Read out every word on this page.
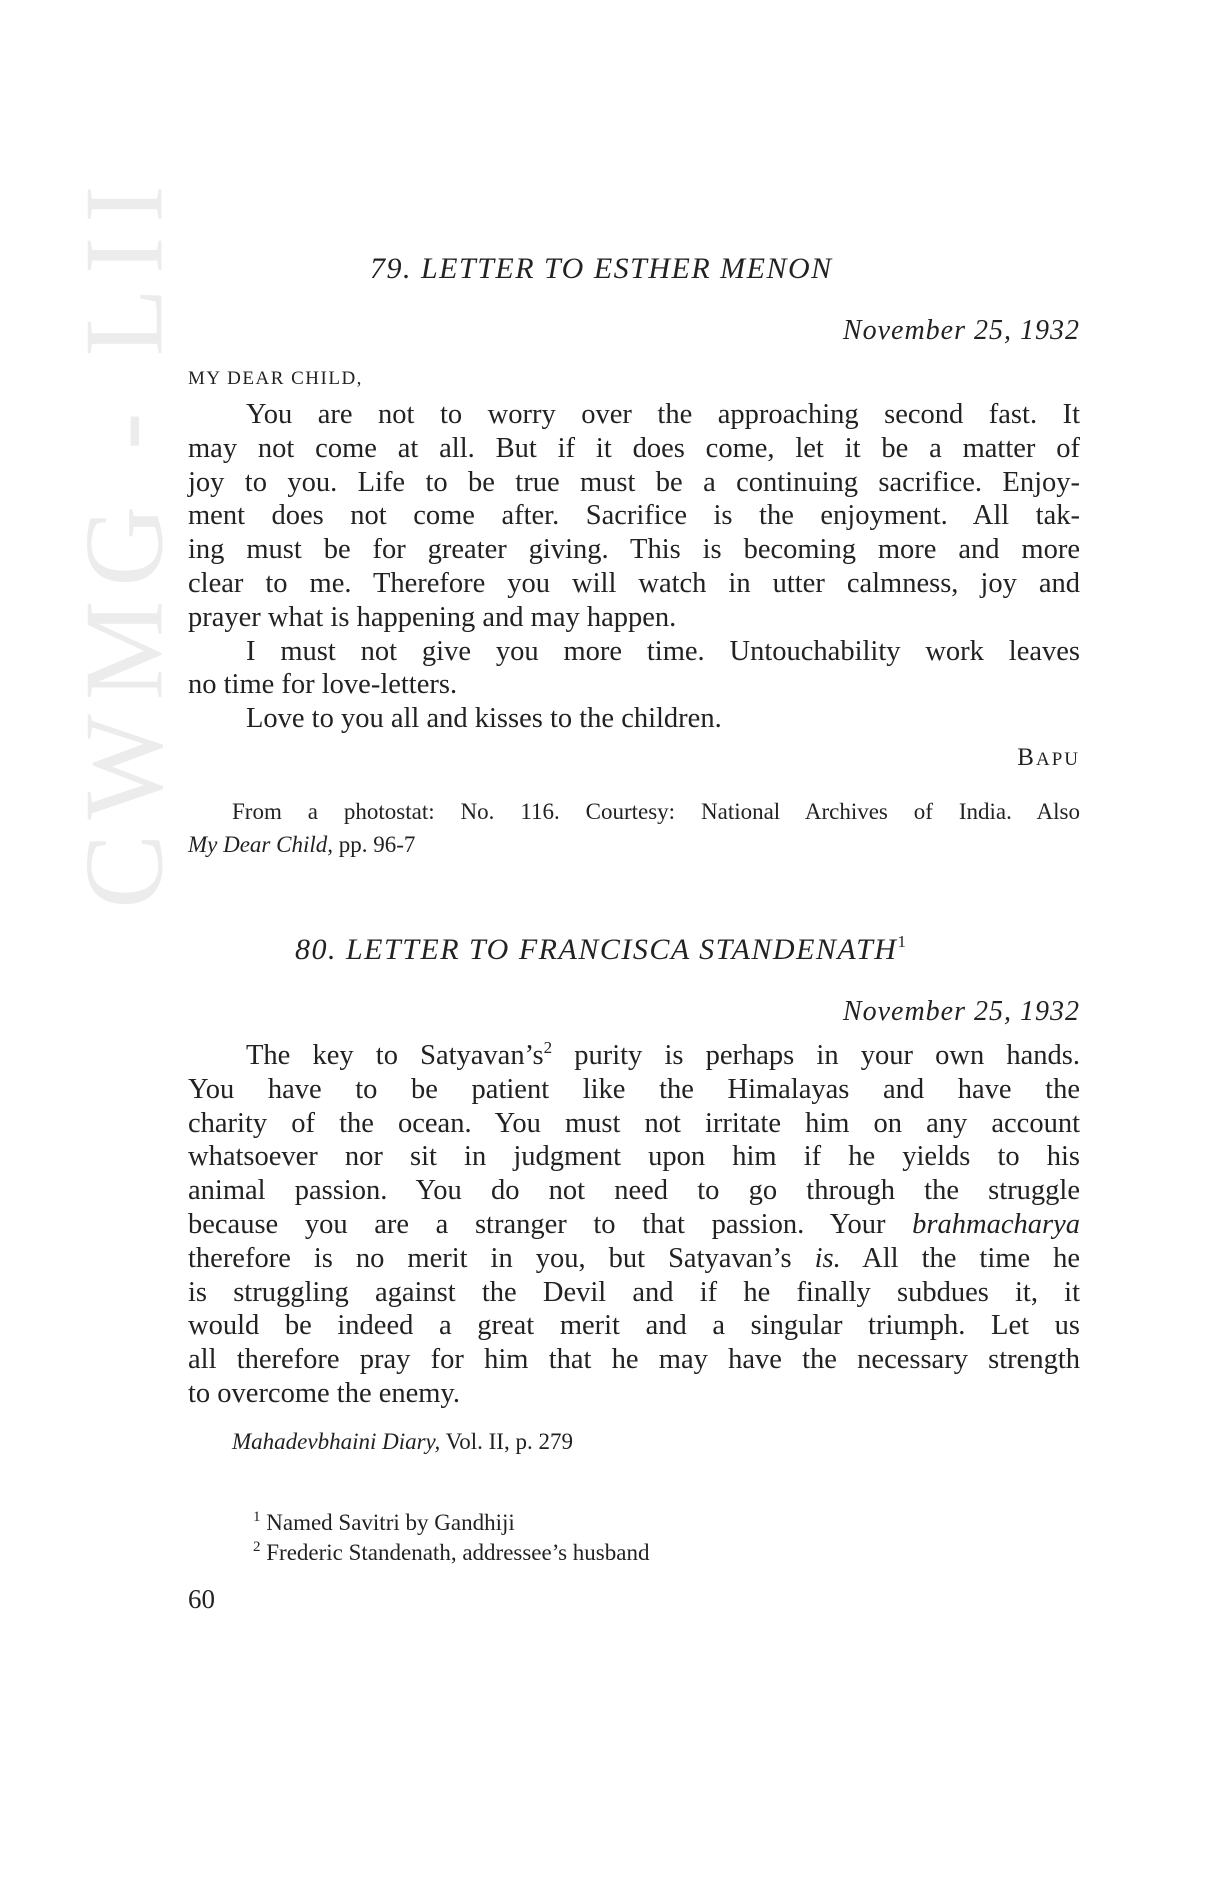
CWMG - LII	79. LETTER TO ESTHER MENON
November 25, 1932
MY DEAR CHILD,
You are not to worry over the approaching second fast. It
may not come at all. But if it does come, let it be a matter of
joy to you. Life to be true must be a continuing sacrifice. Enjoy-
ment does not come after. Sacrifice is the enjoyment. All tak-
ing must be for greater giving. This is becoming more and more
clear to me. Therefore you will watch in utter calmness, joy and
prayer what is happening and may happen.
I must not give you more time. Untouchability work leaves
no time for love-letters.
Love to you all and kisses to the children.
BAPU
From a photostat: No. 116. Courtesy: National Archives of India. Also
My Dear Child, pp. 96-7
80. LETTER TO FRANCISCA STANDENATH$^1$
November 25, 1932
The key to $Satyavan’s^2$ purity is perhaps in your own hands.
You have to be patient like the Himalayas and have the
charity of the ocean. You must not irritate him on any account
whatsoever nor sit in judgment upon him if he yields to his
animal passion. You do not need to go through the struggle
because you are a stranger to that passion. Your brahmacharya
therefore is no merit in you, but Satyavan’s is. All the time he
is struggling against the Devil and if he finally subdues it, it
would be indeed a great merit and a singular triumph. Let us
all therefore pray for him that he may have the necessary strength
to overcome the enemy.
Mahadevbhaini Diary, Vol. II, p. 279
$^1$ Named Savitri by Gandhiji
$^2$ Frederic Standenath, addressee’s husband
60
